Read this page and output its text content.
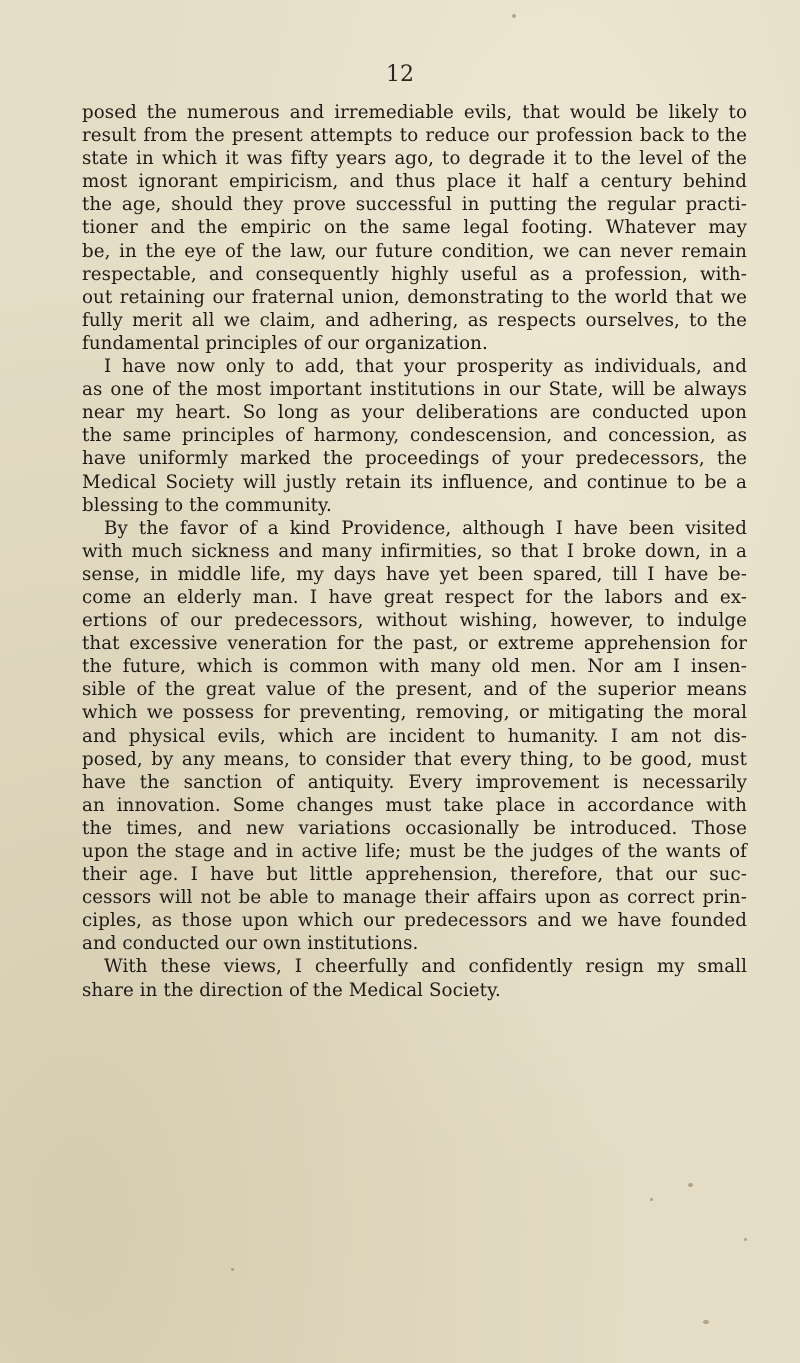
12
posed the numerous and irremediable evils, that would be likely to
result from the present attempts to reduce our profession back to the
state in which it was fifty years ago, to degrade it to the level of the
most ignorant empiricism, and thus place it half a century behind
the age, should they prove successful in putting the regular practi-
tioner and the empiric on the same legal footing. Whatever may
be, in the eye of the law, our future condition, we can never remain
respectable, and consequently highly useful as a profession, with-
out retaining our fraternal union, demonstrating to the world that we
fully merit all we claim, and adhering, as respects ourselves, to the
fundamental principles of our organization.
I have now only to add, that your prosperity as individuals, and
as one of the most important institutions in our State, will be always
near my heart. So long as your deliberations are conducted upon
the same principles of harmony, condescension, and concession, as
have uniformly marked the proceedings of your predecessors, the
Medical Society will justly retain its influence, and continue to be a
blessing to the community.
By the favor of a kind Providence, although I have been visited
with much sickness and many infirmities, so that I broke down, in a
sense, in middle life, my days have yet been spared, till I have be-
come an elderly man. I have great respect for the labors and ex-
ertions of our predecessors, without wishing, however, to indulge
that excessive veneration for the past, or extreme apprehension for
the future, which is common with many old men. Nor am I insen-
sible of the great value of the present, and of the superior means
which we possess for preventing, removing, or mitigating the moral
and physical evils, which are incident to humanity. I am not dis-
posed, by any means, to consider that every thing, to be good, must
have the sanction of antiquity. Every improvement is necessarily
an innovation. Some changes must take place in accordance with
the times, and new variations occasionally be introduced. Those
upon the stage and in active life; must be the judges of the wants of
their age. I have but little apprehension, therefore, that our suc-
cessors will not be able to manage their affairs upon as correct prin-
ciples, as those upon which our predecessors and we have founded
and conducted our own institutions.
With these views, I cheerfully and confidently resign my small
share in the direction of the Medical Society.
